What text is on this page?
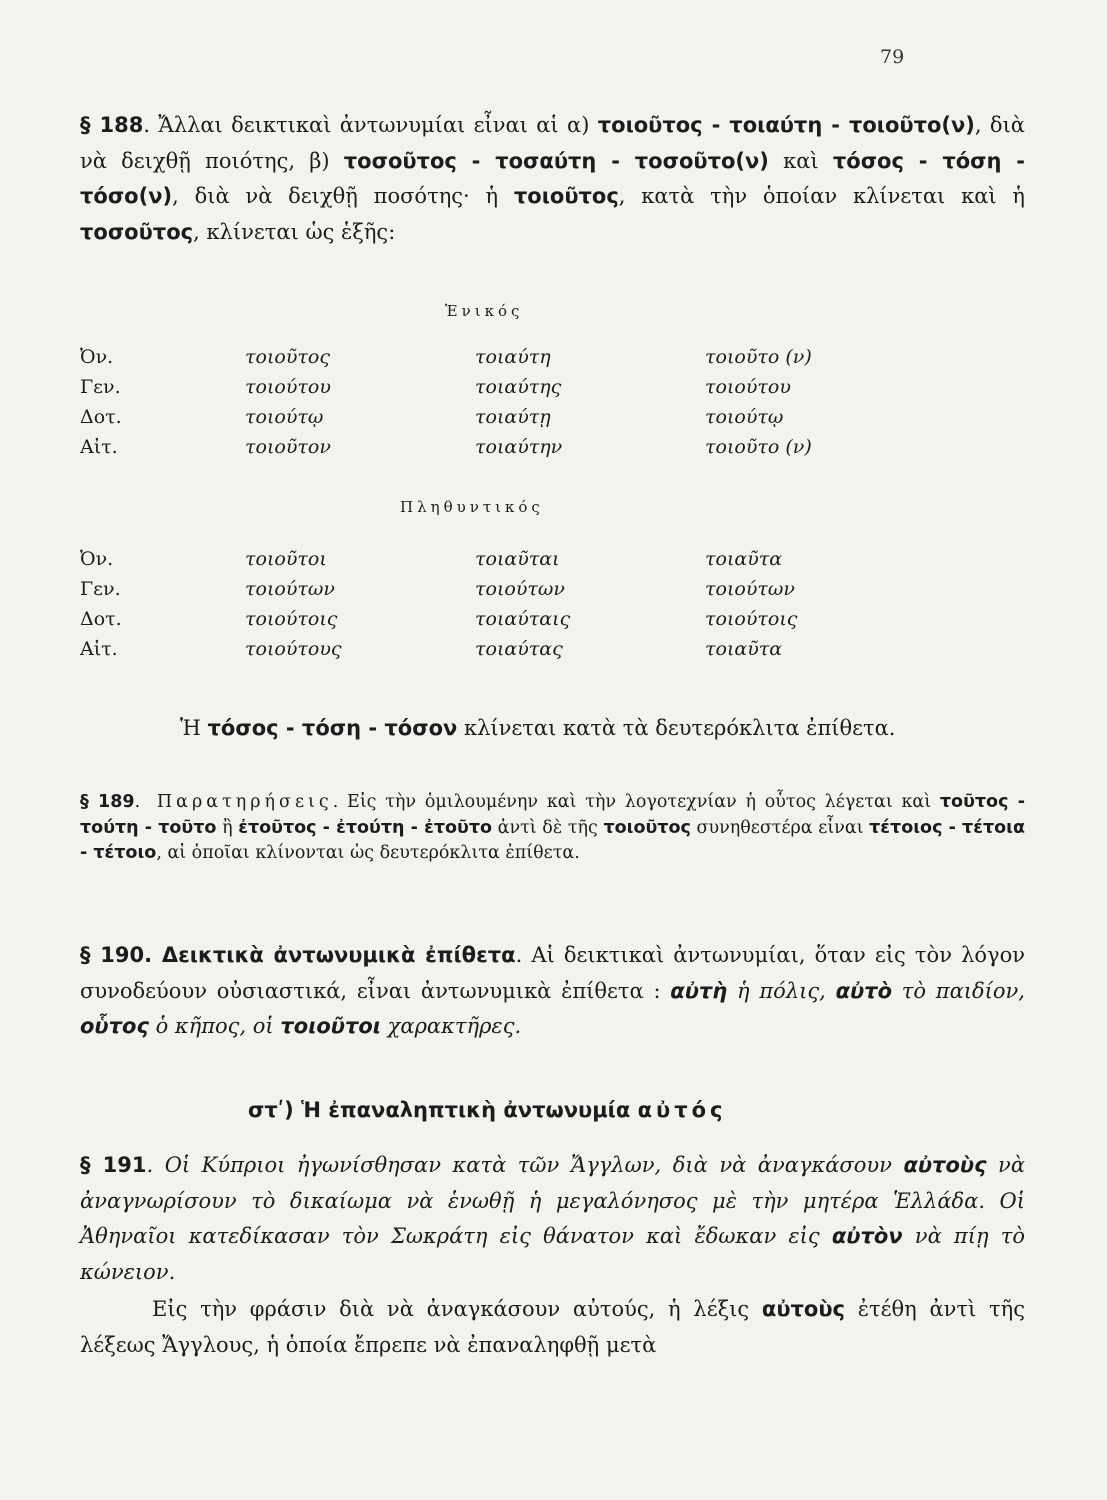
79
§ 188. Ἄλλαι δεικτικαὶ ἀντωνυμίαι εἶναι αἱ α) τοιοῦτος - τοιαύτη - τοιοῦτο(ν), διὰ νὰ δειχθῇ ποιότης, β) τοσοῦτος - τοσαύτη - τοσοῦτο(ν) καὶ τόσος - τόση - τόσο(ν), διὰ νὰ δειχθῇ ποσότης· ἡ τοιοῦτος, κατὰ τὴν ὁποίαν κλίνεται καὶ ἡ τοσοῦτος, κλίνεται ὡς ἑξῆς:
Ἑνικός
Ὀν.	τοιοῦτος	τοιαύτη	τοιοῦτο (ν)
Γεν.	τοιούτου	τοιαύτης	τοιούτου
Δοτ.	τοιούτῳ	τοιαύτῃ	τοιούτῳ
Αἰτ.	τοιοῦτον	τοιαύτην	τοιοῦτο (ν)
Πληθυντικός
Ὀν.	τοιοῦτοι	τοιαῦται	τοιαῦτα
Γεν.	τοιούτων	τοιούτων	τοιούτων
Δοτ.	τοιούτοις	τοιαύταις	τοιούτοις
Αἰτ.	τοιούτους	τοιαύτας	τοιαῦτα
Ἡ τόσος - τόση - τόσον κλίνεται κατὰ τὰ δευτερόκλιτα ἐπίθετα.
§ 189. Παρατηρήσεις. Εἰς τὴν ὁμιλουμένην καὶ τὴν λογοτεχνίαν ἡ οὗτος λέγεται καὶ τοῦτος - τούτη - τοῦτο ἢ ἐτοῦτος - ἐτούτη - ἐτοῦτο ἀντὶ δὲ τῆς τοιοῦτος συνηθεστέρα εἶναι τέτοιος - τέτοια - τέτοιο, αἱ ὁποῖαι κλίνονται ὡς δευτερόκλιτα ἐπίθετα.
§ 190. Δεικτικὰ ἀντωνυμικὰ ἐπίθετα. Αἱ δεικτικαὶ ἀντωνυμίαι, ὅταν εἰς τὸν λόγον συνοδεύουν οὐσιαστικά, εἶναι ἀντωνυμικὰ ἐπίθετα : αὐτὴ ἡ πόλις, αὐτὸ τὸ παιδίον, οὗτος ὁ κῆπος, οἱ τοιοῦτοι χαρακτῆρες.
στʹ) Ἡ ἐπαναληπτικὴ ἀντωνυμία αὐτός
§ 191. Οἱ Κύπριοι ἠγωνίσθησαν κατὰ τῶν Ἄγγλων, διὰ νὰ ἀναγκάσουν αὐτοὺς νὰ ἀναγνωρίσουν τὸ δικαίωμα νὰ ἑνωθῇ ἡ μεγαλόνησος μὲ τὴν μητέρα Ἑλλάδα. Οἱ Ἀθηναῖοι κατεδίκασαν τὸν Σωκράτη εἰς θάνατον καὶ ἔδωκαν εἰς αὐτὸν νὰ πίῃ τὸ κώνειον.
Εἰς τὴν φράσιν διὰ νὰ ἀναγκάσουν αὐτούς, ἡ λέξις αὐτοὺς ἐτέθη ἀντὶ τῆς λέξεως Ἄγγλους, ἡ ὁποία ἔπρεπε νὰ ἐπαναληφθῇ μετὰ
